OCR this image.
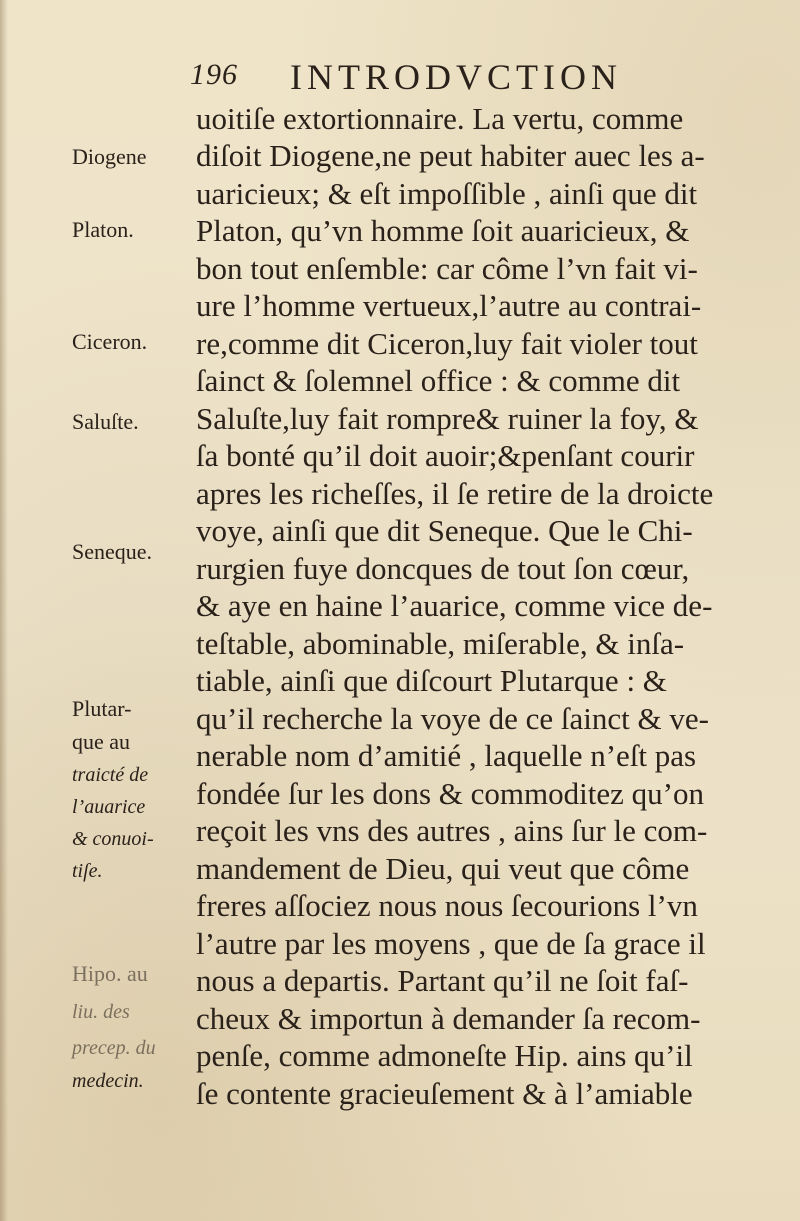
196 INTRODVCTION
Diogene
Platon.
Ciceron.
Saluſte.
Seneque.
Plutar-
que au
traicté de
l’auarice
& conuoi-
tiſe.
Hipo. au
liu. des
precep. du
medecin.
uoitiſe extortionnaire. La vertu, comme
diſoit Diogene,ne peut habiter auec les a-
uaricieux; & eſt impoſſible , ainſi que dit
Platon, qu’vn homme ſoit auaricieux, &
bon tout enſemble: car côme l’vn fait vi-
ure l’homme vertueux,l’autre au contrai-
re,comme dit Ciceron,luy fait violer tout
ſainct & ſolemnel office : & comme dit
Saluſte,luy fait rompre& ruiner la foy, &
ſa bonté qu’il doit auoir;&penſant courir
apres les richeſſes, il ſe retire de la droicte
voye, ainſi que dit Seneque. Que le Chi-
rurgien fuye doncques de tout ſon cœur,
& aye en haine l’auarice, comme vice de-
teſtable, abominable, miſerable, & inſa-
tiable, ainſi que diſcourt Plutarque : &
qu’il recherche la voye de ce ſainct & ve-
nerable nom d’amitié , laquelle n’eſt pas
fondée ſur les dons & commoditez qu’on
reçoit les vns des autres , ains ſur le com-
mandement de Dieu, qui veut que côme
freres aſſociez nous nous ſecourions l’vn
l’autre par les moyens , que de ſa grace il
nous a departis. Partant qu’il ne ſoit faſ-
cheux & importun à demander ſa recom-
penſe, comme admoneſte Hip. ains qu’il
ſe contente gracieuſement & à l’amiable
